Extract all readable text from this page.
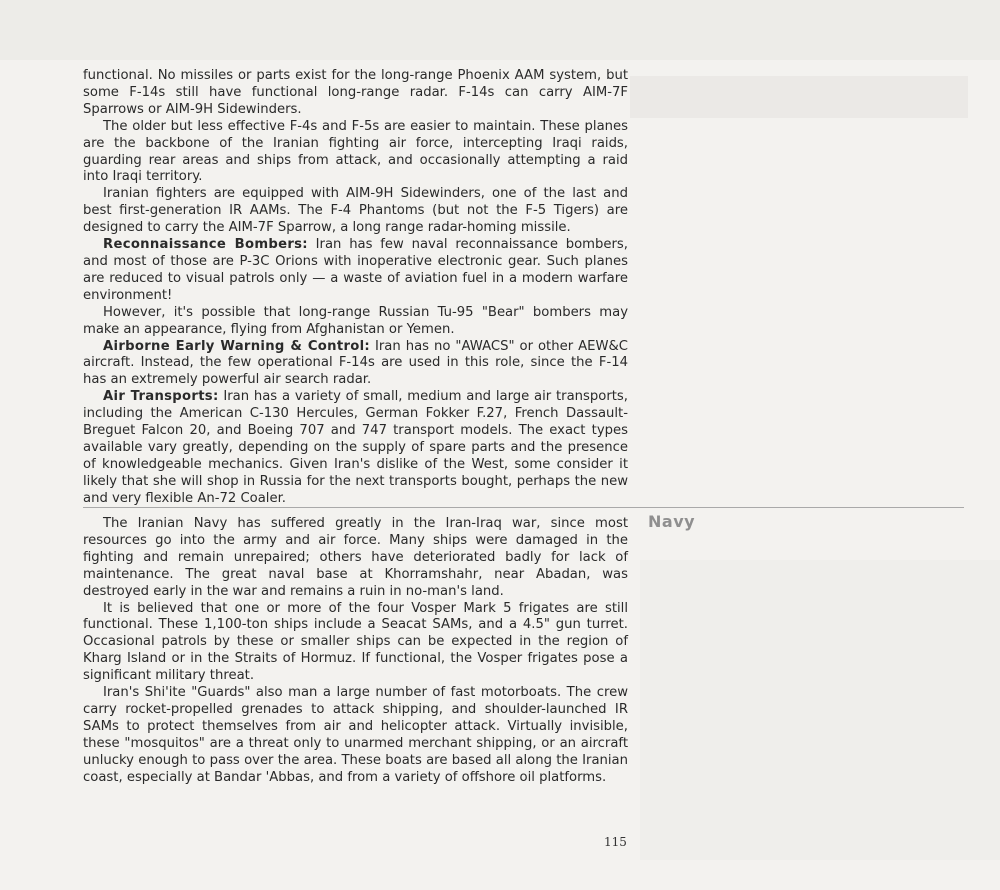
functional. No missiles or parts exist for the long-range Phoenix AAM system, but some F-14s still have functional long-range radar. F-14s can carry AIM-7F Sparrows or AIM-9H Sidewinders.

The older but less effective F-4s and F-5s are easier to maintain. These planes are the backbone of the Iranian fighting air force, intercepting Iraqi raids, guarding rear areas and ships from attack, and occasionally attempting a raid into Iraqi territory.

Iranian fighters are equipped with AIM-9H Sidewinders, one of the last and best first-generation IR AAMs. The F-4 Phantoms (but not the F-5 Tigers) are designed to carry the AIM-7F Sparrow, a long range radar-homing missile.

Reconnaissance Bombers: Iran has few naval reconnaissance bombers, and most of those are P-3C Orions with inoperative electronic gear. Such planes are reduced to visual patrols only — a waste of aviation fuel in a modern warfare environment!

However, it's possible that long-range Russian Tu-95 "Bear" bombers may make an appearance, flying from Afghanistan or Yemen.

Airborne Early Warning & Control: Iran has no "AWACS" or other AEW&C aircraft. Instead, the few operational F-14s are used in this role, since the F-14 has an extremely powerful air search radar.

Air Transports: Iran has a variety of small, medium and large air transports, including the American C-130 Hercules, German Fokker F.27, French Dassault-Breguet Falcon 20, and Boeing 707 and 747 transport models. The exact types available vary greatly, depending on the supply of spare parts and the presence of knowledgeable mechanics. Given Iran's dislike of the West, some consider it likely that she will shop in Russia for the next transports bought, perhaps the new and very flexible An-72 Coaler.

Navy

The Iranian Navy has suffered greatly in the Iran-Iraq war, since most resources go into the army and air force. Many ships were damaged in the fighting and remain unrepaired; others have deteriorated badly for lack of maintenance. The great naval base at Khorramshahr, near Abadan, was destroyed early in the war and remains a ruin in no-man's land.

It is believed that one or more of the four Vosper Mark 5 frigates are still functional. These 1,100-ton ships include a Seacat SAMs, and a 4.5" gun turret. Occasional patrols by these or smaller ships can be expected in the region of Kharg Island or in the Straits of Hormuz. If functional, the Vosper frigates pose a significant military threat.

Iran's Shi'ite "Guards" also man a large number of fast motorboats. The crew carry rocket-propelled grenades to attack shipping, and shoulder-launched IR SAMs to protect themselves from air and helicopter attack. Virtually invisible, these "mosquitos" are a threat only to unarmed merchant shipping, or an aircraft unlucky enough to pass over the area. These boats are based all along the Iranian coast, especially at Bandar 'Abbas, and from a variety of offshore oil platforms.

115
